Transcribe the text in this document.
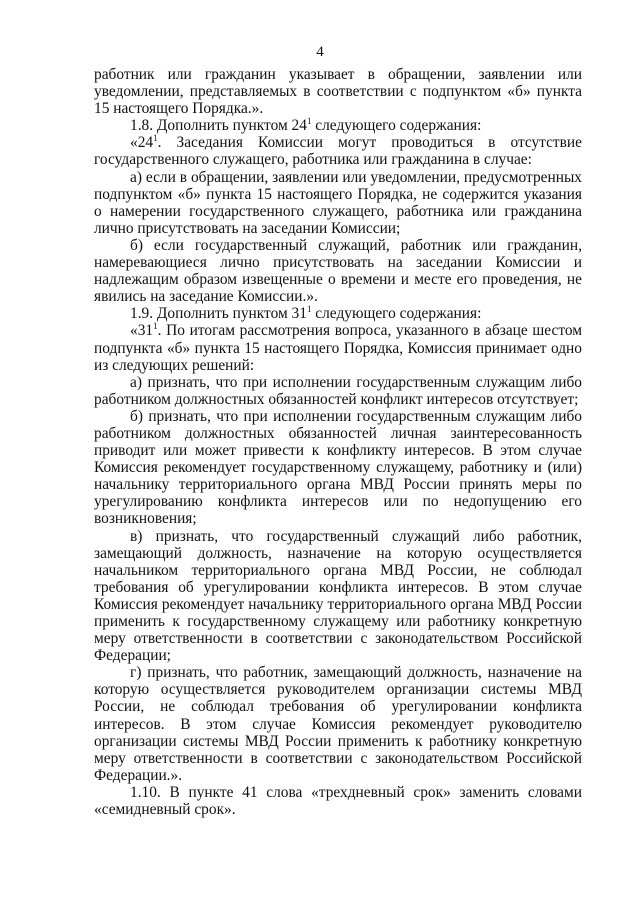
4

работник или гражданин указывает в обращении, заявлении или уведомлении, представляемых в соответствии с подпунктом «б» пункта 15 настоящего Порядка.».

1.8. Дополнить пунктом $24^1$ следующего содержания:

«$24^1$. Заседания Комиссии могут проводиться в отсутствие государственного служащего, работника или гражданина в случае:

а) если в обращении, заявлении или уведомлении, предусмотренных подпунктом «б» пункта 15 настоящего Порядка, не содержится указания о намерении государственного служащего, работника или гражданина лично присутствовать на заседании Комиссии;

б) если государственный служащий, работник или гражданин, намеревающиеся лично присутствовать на заседании Комиссии и надлежащим образом извещенные о времени и месте его проведения, не явились на заседание Комиссии.».

1.9. Дополнить пунктом $31^1$ следующего содержания:

«$31^1$. По итогам рассмотрения вопроса, указанного в абзаце шестом подпункта «б» пункта 15 настоящего Порядка, Комиссия принимает одно из следующих решений:

а) признать, что при исполнении государственным служащим либо работником должностных обязанностей конфликт интересов отсутствует;

б) признать, что при исполнении государственным служащим либо работником должностных обязанностей личная заинтересованность приводит или может привести к конфликту интересов. В этом случае Комиссия рекомендует государственному служащему, работнику и (или) начальнику территориального органа МВД России принять меры по урегулированию конфликта интересов или по недопущению его возникновения;

в) признать, что государственный служащий либо работник, замещающий должность, назначение на которую осуществляется начальником территориального органа МВД России, не соблюдал требования об урегулировании конфликта интересов. В этом случае Комиссия рекомендует начальнику территориального органа МВД России применить к государственному служащему или работнику конкретную меру ответственности в соответствии с законодательством Российской Федерации;

г) признать, что работник, замещающий должность, назначение на которую осуществляется руководителем организации системы МВД России, не соблюдал требования об урегулировании конфликта интересов. В этом случае Комиссия рекомендует руководителю организации системы МВД России применить к работнику конкретную меру ответственности в соответствии с законодательством Российской Федерации.».

1.10. В пункте 41 слова «трехдневный срок» заменить словами «семидневный срок».
